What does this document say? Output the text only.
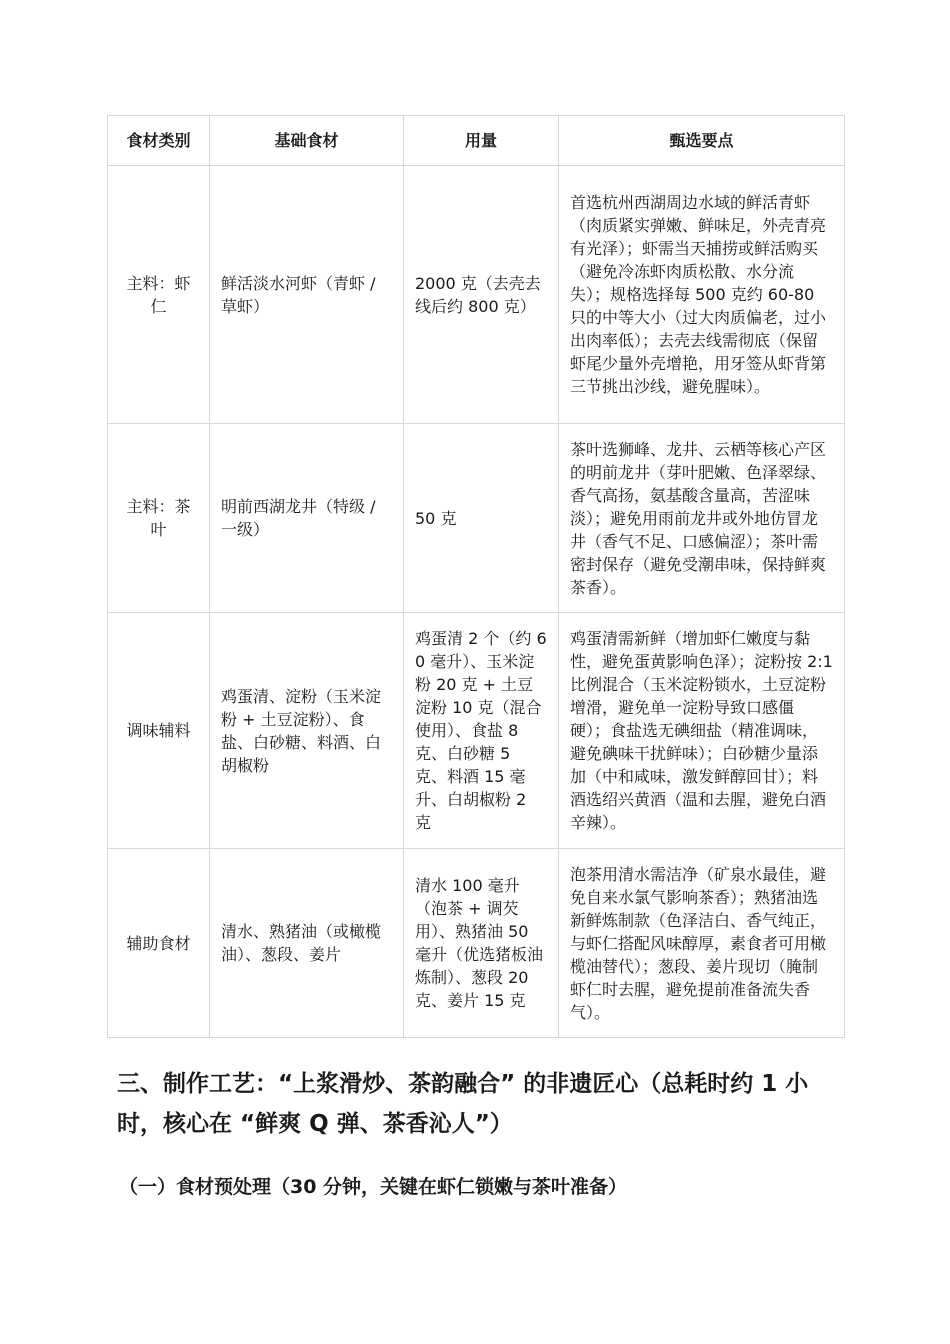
食材类别	基础食材	用量	甄选要点
主料：虾仁	鲜活淡水河虾（青虾 / 草虾）	2000 克（去壳去线后约 800 克）	首选杭州西湖周边水域的鲜活青虾（肉质紧实弹嫩、鲜味足，外壳青亮有光泽）；虾需当天捕捞或鲜活购买（避免冷冻虾肉质松散、水分流失）；规格选择每 500 克约 60-80 只的中等大小（过大肉质偏老，过小出肉率低）；去壳去线需彻底（保留虾尾少量外壳增艳，用牙签从虾背第三节挑出沙线，避免腥味）。
主料：茶叶	明前西湖龙井（特级 / 一级）	50 克	茶叶选狮峰、龙井、云栖等核心产区的明前龙井（芽叶肥嫩、色泽翠绿、香气高扬，氨基酸含量高，苦涩味淡）；避免用雨前龙井或外地仿冒龙井（香气不足、口感偏涩）；茶叶需密封保存（避免受潮串味，保持鲜爽茶香）。
调味辅料	鸡蛋清、淀粉（玉米淀粉 + 土豆淀粉）、食盐、白砂糖、料酒、白胡椒粉	鸡蛋清 2 个（约 60 毫升）、玉米淀粉 20 克 + 土豆淀粉 10 克（混合使用）、食盐 8 克、白砂糖 5 克、料酒 15 毫升、白胡椒粉 2 克	鸡蛋清需新鲜（增加虾仁嫩度与黏性，避免蛋黄影响色泽）；淀粉按 2:1 比例混合（玉米淀粉锁水，土豆淀粉增滑，避免单一淀粉导致口感僵硬）；食盐选无碘细盐（精准调味，避免碘味干扰鲜味）；白砂糖少量添加（中和咸味，激发鲜醇回甘）；料酒选绍兴黄酒（温和去腥，避免白酒辛辣）。
辅助食材	清水、熟猪油（或橄榄油）、葱段、姜片	清水 100 毫升（泡茶 + 调芡用）、熟猪油 50 毫升（优选猪板油炼制）、葱段 20 克、姜片 15 克	泡茶用清水需洁净（矿泉水最佳，避免自来水氯气影响茶香）；熟猪油选新鲜炼制款（色泽洁白、香气纯正，与虾仁搭配风味醇厚，素食者可用橄榄油替代）；葱段、姜片现切（腌制虾仁时去腥，避免提前准备流失香气）。
三、制作工艺：“上浆滑炒、茶韵融合” 的非遗匠心（总耗时约 1 小时，核心在 “鲜爽 Q 弹、茶香沁人”）
（一）食材预处理（30 分钟，关键在虾仁锁嫩与茶叶准备）
